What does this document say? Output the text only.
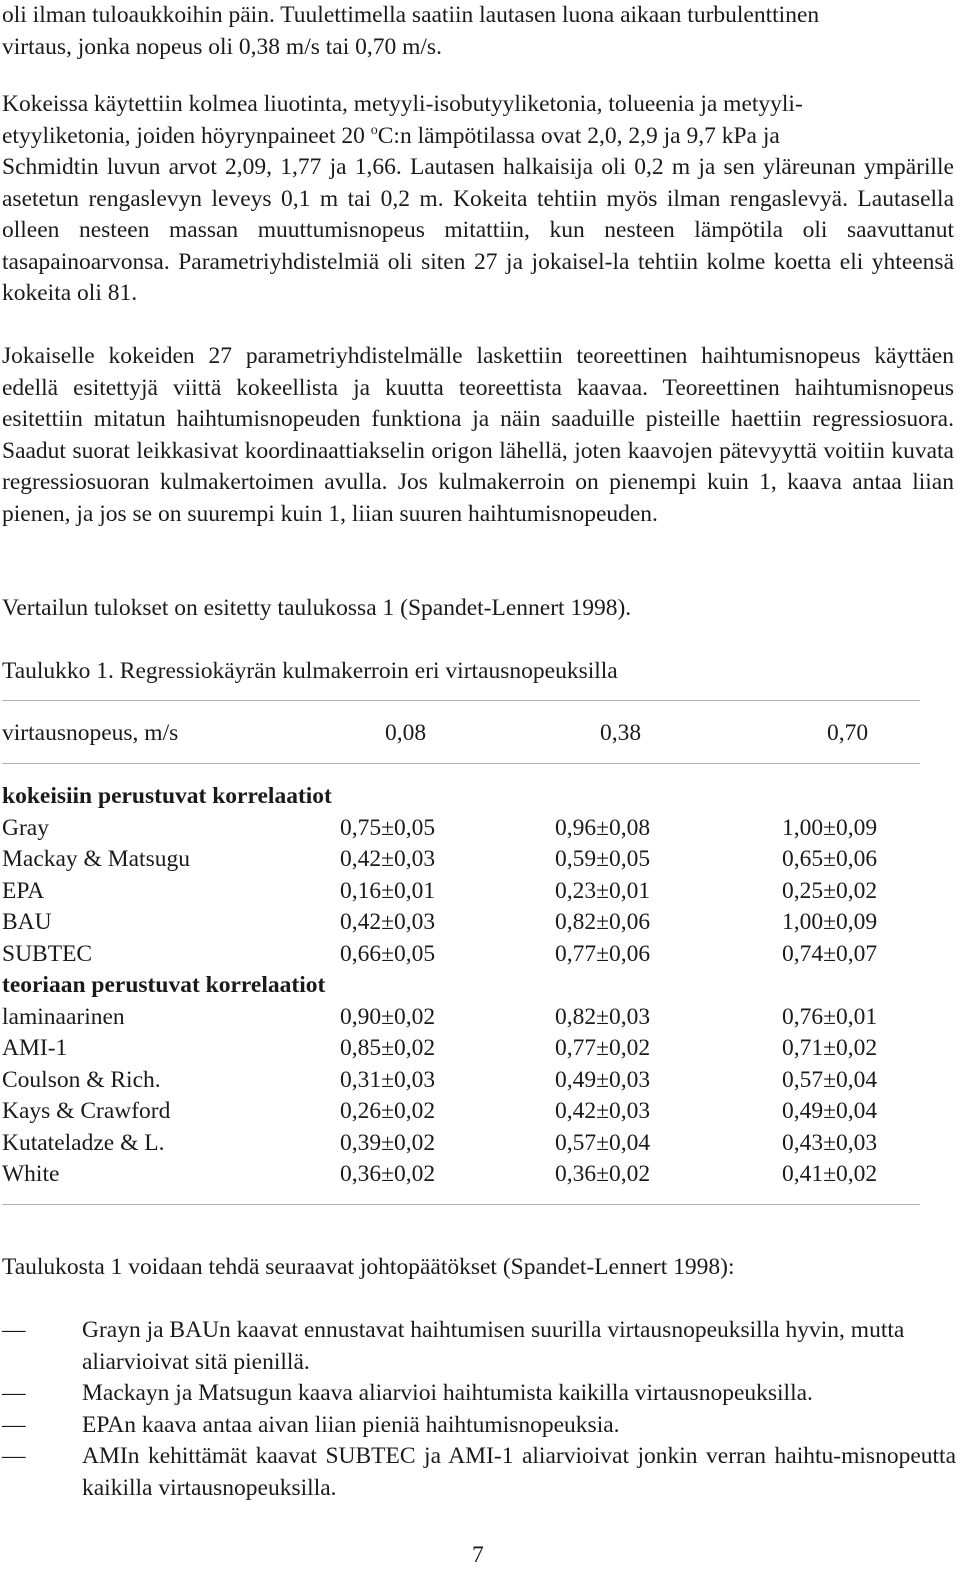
oli ilman tuloaukkoihin päin. Tuulettimella saatiin lautasen luona aikaan turbulenttinen
virtaus, jonka nopeus oli 0,38 m/s tai 0,70 m/s.
Kokeissa käytettiin kolmea liuotinta, metyyli-isobutyyliketonia, tolueenia ja metyyli-
etyyliketonia, joiden höyrynpaineet 20 $^o$C:n lämpötilassa ovat 2,0, 2,9 ja 9,7 kPa ja

Schmidtin luvun arvot 2,09, 1,77 ja 1,66. Lautasen halkaisija oli 0,2 m ja sen yläreunan ympärille asetetun rengaslevyn leveys 0,1 m tai 0,2 m. Kokeita tehtiin myös ilman rengaslevyä. Lautasella olleen nesteen massan muuttumisnopeus mitattiin, kun nesteen lämpötila oli saavuttanut tasapainoarvonsa. Parametriyhdistelmiä oli siten 27 ja jokaisel-la tehtiin kolme koetta eli yhteensä kokeita oli 81.

Jokaiselle kokeiden 27 parametriyhdistelmälle laskettiin teoreettinen haihtumisnopeus käyttäen edellä esitettyjä viittä kokeellista ja kuutta teoreettista kaavaa. Teoreettinen haihtumisnopeus esitettiin mitatun haihtumisnopeuden funktiona ja näin saaduille pisteille haettiin regressiosuora. Saadut suorat leikkasivat koordinaattiakselin origon lähellä, joten kaavojen pätevyyttä voitiin kuvata regressiosuoran kulmakertoimen avulla. Jos kulmakerroin on pienempi kuin 1, kaava antaa liian pienen, ja jos se on suurempi kuin 1, liian suuren haihtumisnopeuden.

Vertailun tulokset on esitetty taulukossa 1 (Spandet-Lennert 1998).

Taulukko 1. Regressiokäyrän kulmakerroin eri virtausnopeuksilla
virtausnopeus, m/s	0,08	0,38	0,70
kokeisiin perustuvat korrelaatiot
Gray	0,75±0,05	0,96±0,08	1,00±0,09
Mackay & Matsugu	0,42±0,03	0,59±0,05	0,65±0,06
EPA	0,16±0,01	0,23±0,01	0,25±0,02
BAU	0,42±0,03	0,82±0,06	1,00±0,09
SUBTEC	0,66±0,05	0,77±0,06	0,74±0,07
teoriaan perustuvat korrelaatiot
laminaarinen	0,90±0,02	0,82±0,03	0,76±0,01
AMI-1	0,85±0,02	0,77±0,02	0,71±0,02
Coulson & Rich.	0,31±0,03	0,49±0,03	0,57±0,04
Kays & Crawford	0,26±0,02	0,42±0,03	0,49±0,04
Kutateladze & L.	0,39±0,02	0,57±0,04	0,43±0,03
White	0,36±0,02	0,36±0,02	0,41±0,02
Taulukosta 1 voidaan tehdä seuraavat johtopäätökset (Spandet-Lennert 1998):
— Grayn ja BAUn kaavat ennustavat haihtumisen suurilla virtausnopeuksilla hyvin, mutta aliarvioivat sitä pienillä.
— Mackayn ja Matsugun kaava aliarvioi haihtumista kaikilla virtausnopeuksilla.
— EPAn kaava antaa aivan liian pieniä haihtumisnopeuksia.
— AMIn kehittämät kaavat SUBTEC ja AMI-1 aliarvioivat jonkin verran haihtu-misnopeutta kaikilla virtausnopeuksilla.
7
